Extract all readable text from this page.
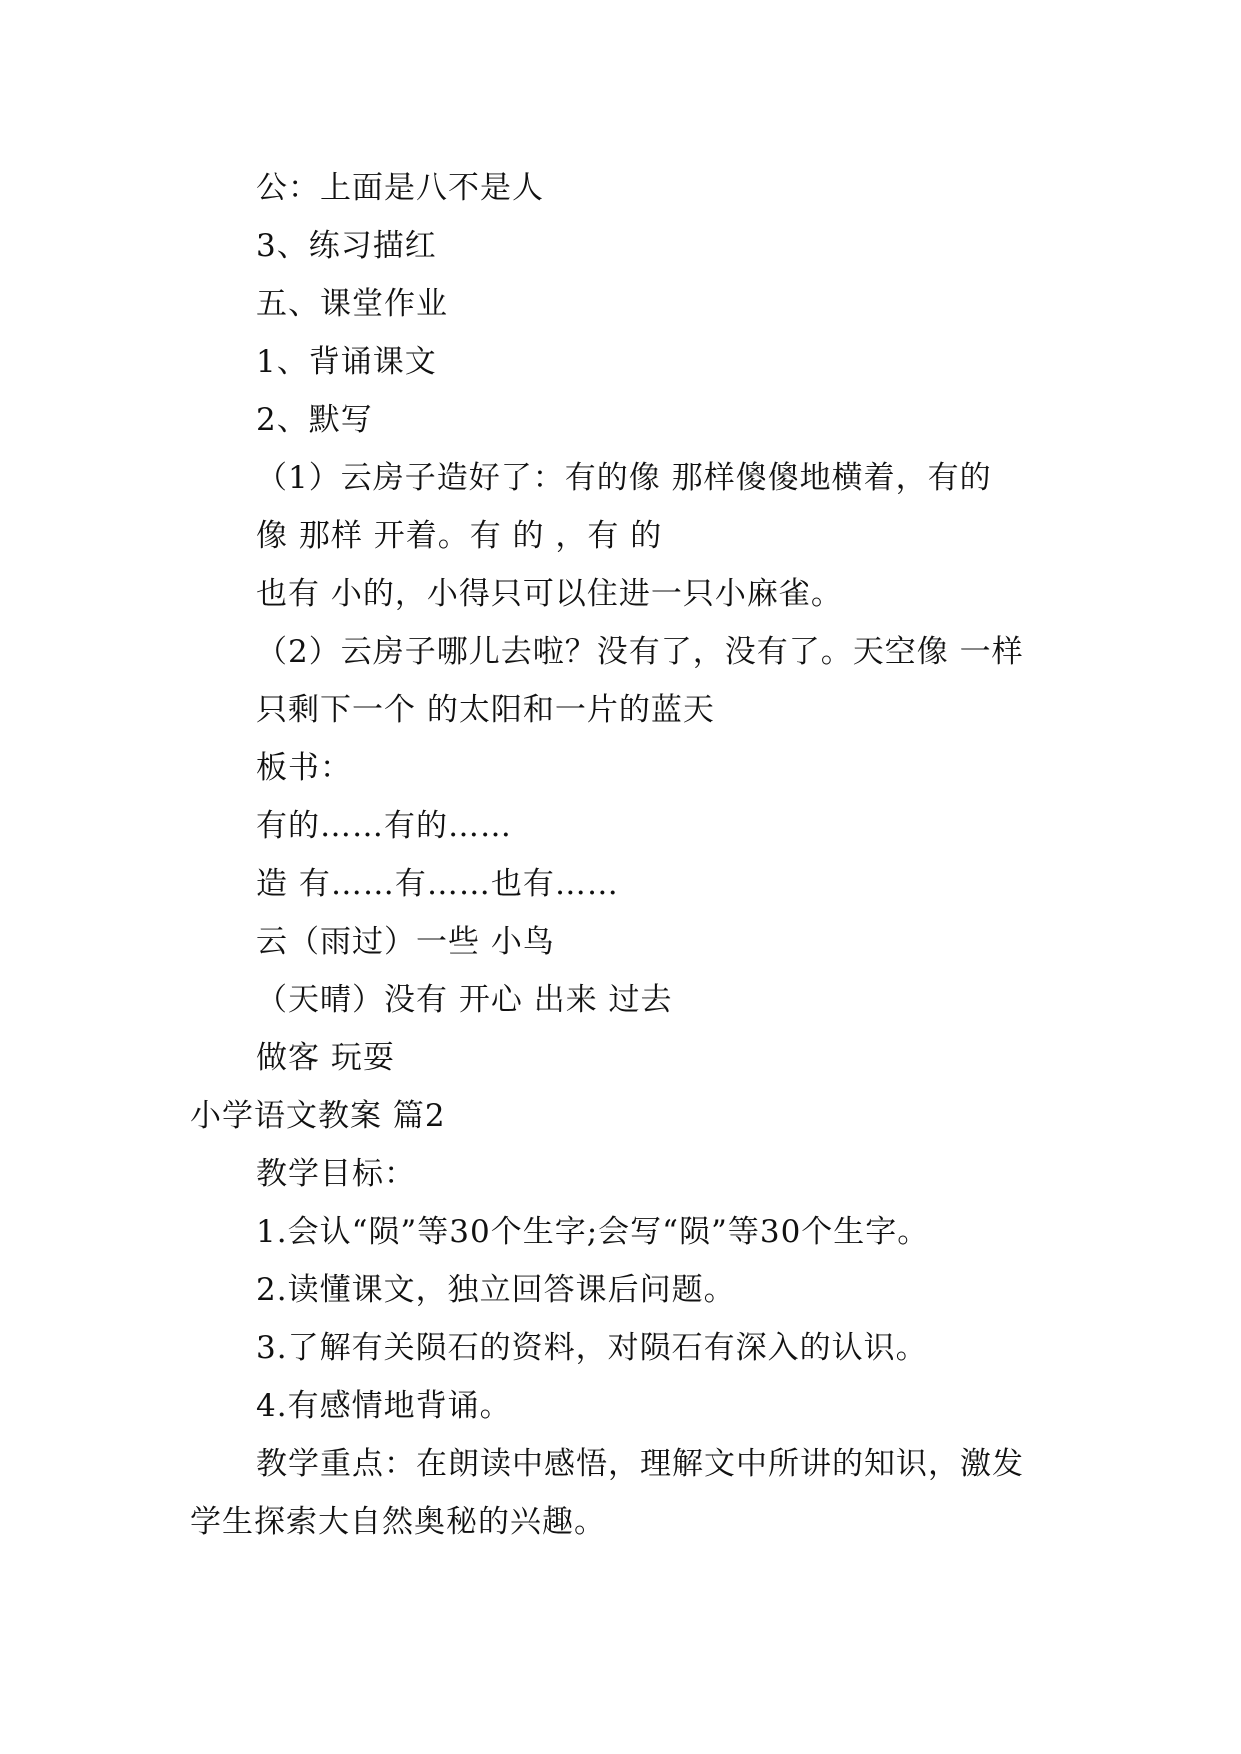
公：上面是八不是人
3、练习描红
五、课堂作业
1、背诵课文
2、默写
（1）云房子造好了：有的像 那样傻傻地横着，有的
像 那样 开着。有 的 ，有 的
也有 小的，小得只可以住进一只小麻雀。
（2）云房子哪儿去啦？没有了，没有了。天空像 一样
只剩下一个 的太阳和一片的蓝天
板书：
有的……有的……
造 有……有……也有……
云（雨过）一些 小鸟
（天晴）没有 开心 出来 过去
做客 玩耍
小学语文教案 篇2
教学目标：
1.会认“陨”等30个生字;会写“陨”等30个生字。
2.读懂课文，独立回答课后问题。
3.了解有关陨石的资料，对陨石有深入的认识。
4.有感情地背诵。
教学重点：在朗读中感悟，理解文中所讲的知识，激发
学生探索大自然奥秘的兴趣。
